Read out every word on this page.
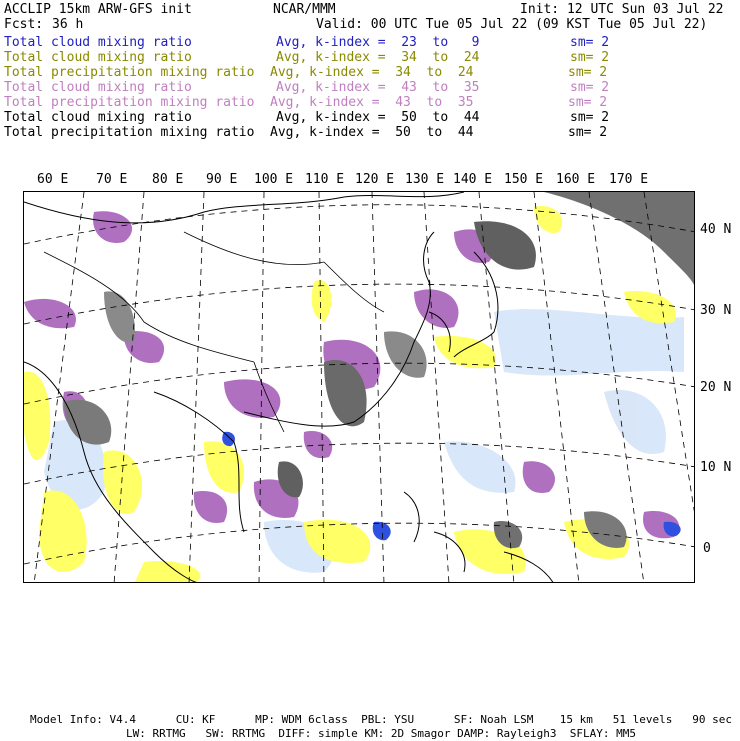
ACCLIP 15km ARW-GFS init	NCAR/MMM	Init: 12 UTC Sun 03 Jul 22
Fcst: 36 h	Valid: 00 UTC Tue 05 Jul 22 (09 KST Tue 05 Jul 22)
Total cloud mixing ratio	Avg, k-index =  23  to   9	sm= 2
Total cloud mixing ratio	Avg, k-index =  34  to  24	sm= 2
Total precipitation mixing ratio Avg, k-index =  34  to  24	sm= 2
Total cloud mixing ratio	Avg, k-index =  43  to  35	sm= 2
Total precipitation mixing ratio Avg, k-index =  43  to  35	sm= 2
Total cloud mixing ratio	Avg, k-index =  50  to  44	sm= 2
Total precipitation mixing ratio Avg, k-index =  50  to  44	sm= 2
60 E 70 E 80 E 90 E 100 E 110 E 120 E 130 E 140 E 150 E 160 E 170 E
40 N
30 N
20 N
10 N
0
Model Info: V4.4      CU: KF      MP: WDM 6class  PBL: YSU      SF: Noah LSM    15 km   51 levels   90 sec
LW: RRTMG   SW: RRTMG  DIFF: simple KM: 2D Smagor DAMP: Rayleigh3  SFLAY: MM5
